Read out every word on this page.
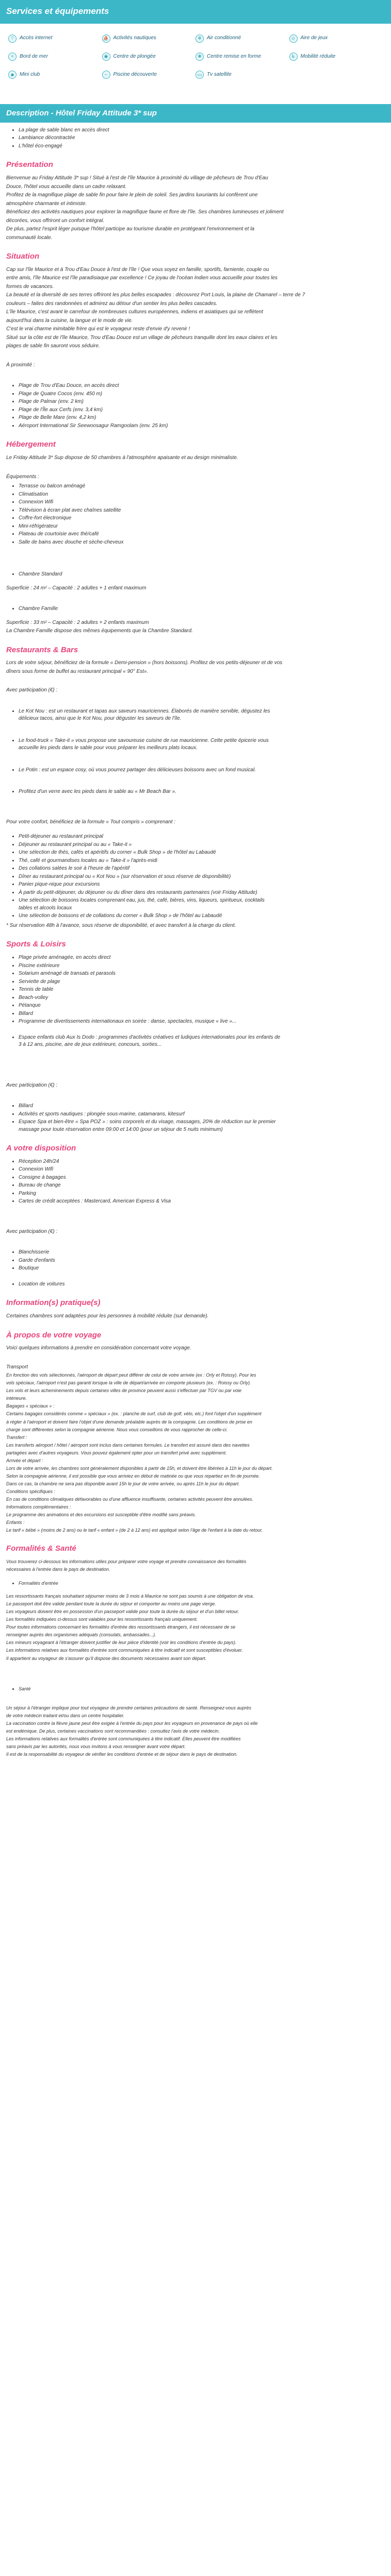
Services et équipements
⌔ Accès internet	⛵ Activités nautiques	❄	Air conditionné	☺ Aire de jeux
≈	Bord de mer	◉	Centre de plongée	❀	Centre remise en forme	♿ Mobilité réduite
☻ Mini club	~	Piscine découverte	▭ Tv satellite
Description - Hôtel Friday Attitude 3* sup
• La plage de sable blanc en accès direct
• Lambiance décontractée
• L'hôtel éco-engagé
Présentation

Bienvenue au Friday Attitude 3* sup ! Situé à l'est de l'île Maurice à proximité du village de pêcheurs de Trou d'Eau

Douce, l'hôtel vous accueille dans un cadre relaxant.

Profitez de la magnifique plage de sable fin pour faire le plein de soleil. Ses jardins luxuriants lui confèrent une

atmosphère charmante et intimiste.

Bénéficiez des activités nautiques pour explorer la magnifique faune et flore de l'île. Ses chambres lumineuses et joliment

décorées, vous offriront un confort intégral.

De plus, partez l'esprit léger puisque l'hôtel participe au tourisme durable en protégeant l'environnement et la

communauté locale.

Situation

Cap sur l'île Maurice et à Trou d'Eau Douce à l'est de l'île ! Que vous soyez en famille, sportifs, farniente, couple ou

entre amis, l'île Maurice est l'île paradisiaque par excellence ! Ce joyau de l'océan Indien vous accueille pour toutes les

formes de vacances.

La beauté et la diversité de ses terres offriront les plus belles escapades : découvrez Port Louis, la plaine de Chamarel – terre de 7

couleurs – faites des randonnées et admirez au détour d'un sentier les plus belles cascades.

L'île Maurice, c'est avant le carrefour de nombreuses cultures européennes, indiens et asiatiques qui se reflètent

aujourd'hui dans la cuisine, la langue et le mode de vie.

C'est le vrai charme inimitable frère qui est le voyageur reste d'envie d'y revenir !

Situé sur la côte est de l'île Maurice, Trou d'Eau Douce est un village de pêcheurs tranquille dont les eaux claires et les

plages de sable fin sauront vous séduire.

À proximité :

• Plage de Trou d'Eau Douce, en accès direct
• Plage de Quatre Cocos (env. 450 m)
• Plage de Palmar (env. 2 km)
• Plage de l'Île aux Cerfs (env. 3,4 km)
• Plage de Belle Mare (env. 4,2 km)
• Aéroport International Sir Seewoosagur Ramgoolam (env. 25 km)
Hébergement

Le Friday Attitude 3* Sup dispose de 50 chambres à l'atmosphère apaisante et au design minimaliste.

Équipements :

• Terrasse ou balcon aménagé
• Climatisation
• Connexion Wifi
• Télévision à écran plat avec chaînes satellite
• Coffre-fort électronique
• Mini-réfrigérateur
• Plateau de courtoisie avec thé/café
• Salle de bains avec douche et sèche-cheveux
• Chambre Standard

Superficie : 24 m² – Capacité : 2 adultes + 1 enfant maximum

• Chambre Famille

Superficie : 33 m² – Capacité : 2 adultes + 2 enfants maximum

La Chambre Famille dispose des mêmes équipements que la Chambre Standard.

Restaurants & Bars

Lors de votre séjour, bénéficiez de la formule « Demi-pension » (hors boissons). Profitez de vos petits-déjeuner et de vos

dîners sous forme de buffet au restaurant principal « 90° Est».

Avec participation (€) :

• Le Kot Nou : est un restaurant et tapas aux saveurs mauriciennes. Élaborés de manière servible, dégustez les
délicieux tacos, ainsi que le Kot Nou, pour déguster les saveurs de l'île.
• Le food-truck « Take-it » vous propose une savoureuse cuisine de rue mauricienne. Cette petite épicerie vous
accueille les pieds dans le sable pour vous préparer les meilleurs plats locaux.
• Le Potin : est un espace cosy, où vous pourrez partager des délicieuses boissons avec un fond musical.
• Profitez d'un verre avec les pieds dans le sable au « Mr Beach Bar ».

Pour votre confort, bénéficiez de la formule « Tout compris » comprenant :

• Petit-déjeuner au restaurant principal
• Déjeuner au restaurant principal ou au « Take-it »
• Une sélection de thés, cafés et apéritifs du corner « Bulk Shop » de l'hôtel au Labaudé
• Thé, café et gourmandises locales au « Take-it » l'après-midi
• Des collations salées le soir à l'heure de l'apéritif
• Dîner au restaurant principal ou « Kot Nou » (sur réservation et sous réserve de disponibilité)
• Panier pique-nique pour excursions
• À partir du petit-déjeuner, du déjeuner ou du dîner dans des restaurants partenaires (voir Friday Attitude)
• Une sélection de boissons locales comprenant eau, jus, thé, café, bières, vins, liqueurs, spiritueux, cocktails
tables et alcools locaux
• Une sélection de boissons et de collations du corner « Bulk Shop » de l'hôtel au Labaudé

* Sur réservation 48h à l'avance, sous réserve de disponibilité, et avec transfert à la charge du client.

Sports & Loisirs
• Plage privée aménagée, en accès direct
• Piscine extérieure
• Solarium aménagé de transats et parasols
• Serviette de plage
• Tennis de table
• Beach-volley
• Pétanque
• Billard
• Programme de divertissements internationaux en soirée : danse, spectacles, musique « live »...
• Espace enfants club Aux Is Dodo : programmes d'activités créatives et ludiques internationales pour les enfants de
3 à 12 ans, piscine, aire de jeux extérieure, concours, sorties...

Avec participation (€) :

• Billard
• Activités et sports nautiques : plongée sous-marine, catamarans, kitesurf
• Espace Spa et bien-être « Spa POZ » : soins corporels et du visage, massages, 20% de réduction sur le premier
massage pour toute réservation entre 09:00 et 14:00 (pour un séjour de 5 nuits minimum)
A votre disposition
• Réception 24h/24
• Connexion Wifi
• Consigne à bagages
• Bureau de change
• Parking
• Cartes de crédit acceptées : Mastercard, American Express & Visa

Avec participation (€) :

• Blanchisserie
• Garde d'enfants
• Boutique
• Location de voitures
Information(s) pratique(s)

Certaines chambres sont adaptées pour les personnes à mobilité réduite (sur demande).

À propos de votre voyage

Voici quelques informations à prendre en considération concernant votre voyage.

Transport

En fonction des vols sélectionnés, l'aéroport de départ peut différer de celui de votre arrivée (ex : Orly et Roissy). Pour les

vols spéciaux, l'aéroport n'est pas garanti lorsque la ville de départ/arrivée en comporte plusieurs (ex. : Roissy ou Orly).

Les vols et leurs acheminements depuis certaines villes de province peuvent aussi s'effectuer par TGV ou par voie

intérieure.

Bagages « spéciaux » :

Certains bagages considérés comme « spéciaux » (ex. : planche de surf, club de golf, vélo, etc.) font l'objet d'un supplément

à régler à l'aéroport et doivent faire l'objet d'une demande préalable auprès de la compagnie. Les conditions de prise en

charge sont différentes selon la compagnie aérienne. Nous vous conseillons de vous rapprocher de celle-ci.

Transfert :

Les transferts aéroport / hôtel / aéroport sont inclus dans certaines formules. Le transfert est assuré dans des navettes

partagées avec d'autres voyageurs. Vous pouvez également opter pour un transfert privé avec supplément.

Arrivée et départ :

Lors de votre arrivée, les chambres sont généralement disponibles à partir de 15h, et doivent être libérées à 11h le jour du départ.

Selon la compagnie aérienne, il est possible que vous arriviez en début de matinée ou que vous repartiez en fin de journée.

Dans ce cas, la chambre ne sera pas disponible avant 15h le jour de votre arrivée, ou après 11h le jour du départ.

Conditions spécifiques :

En cas de conditions climatiques défavorables ou d'une affluence insuffisante, certaines activités peuvent être annulées.

Informations complémentaires :

Le programme des animations et des excursions est susceptible d'être modifié sans préavis.

Enfants :

Le tarif « bébé » (moins de 2 ans) ou le tarif « enfant » (de 2 à 12 ans) est appliqué selon l'âge de l'enfant à la date du retour.

Formalités & Santé

Vous trouverez ci-dessous les informations utiles pour préparer votre voyage et prendre connaissance des formalités

nécessaires à l'entrée dans le pays de destination.

• Formalités d'entrée

Les ressortissants français souhaitant séjourner moins de 3 mois à Maurice ne sont pas soumis à une obligation de visa.

Le passeport doit être valide pendant toute la durée du séjour et comporter au moins une page vierge.

Les voyageurs doivent être en possession d'un passeport valide pour toute la durée du séjour et d'un billet retour.

Les formalités indiquées ci-dessus sont valables pour les ressortissants français uniquement.

Pour toutes informations concernant les formalités d'entrée des ressortissants étrangers, il est nécessaire de se

renseigner auprès des organismes adéquats (consulats, ambassades...).

Les mineurs voyageant à l'étranger doivent justifier de leur pièce d'identité (voir les conditions d'entrée du pays).

Les informations relatives aux formalités d'entrée sont communiquées à titre indicatif et sont susceptibles d'évoluer.

Il appartient au voyageur de s'assurer qu'il dispose des documents nécessaires avant son départ.

• Santé

Un séjour à l'étranger implique pour tout voyageur de prendre certaines précautions de santé. Renseignez-vous auprès

de votre médecin traitant et/ou dans un centre hospitalier.

La vaccination contre la fièvre jaune peut être exigée à l'entrée du pays pour les voyageurs en provenance de pays où elle

est endémique. De plus, certaines vaccinations sont recommandées : consultez l'avis de votre médecin.

Les informations relatives aux formalités d'entrée sont communiquées à titre indicatif. Elles peuvent être modifiées

sans préavis par les autorités, nous vous invitons à vous renseigner avant votre départ.

Il est de la responsabilité du voyageur de vérifier les conditions d'entrée et de séjour dans le pays de destination.
